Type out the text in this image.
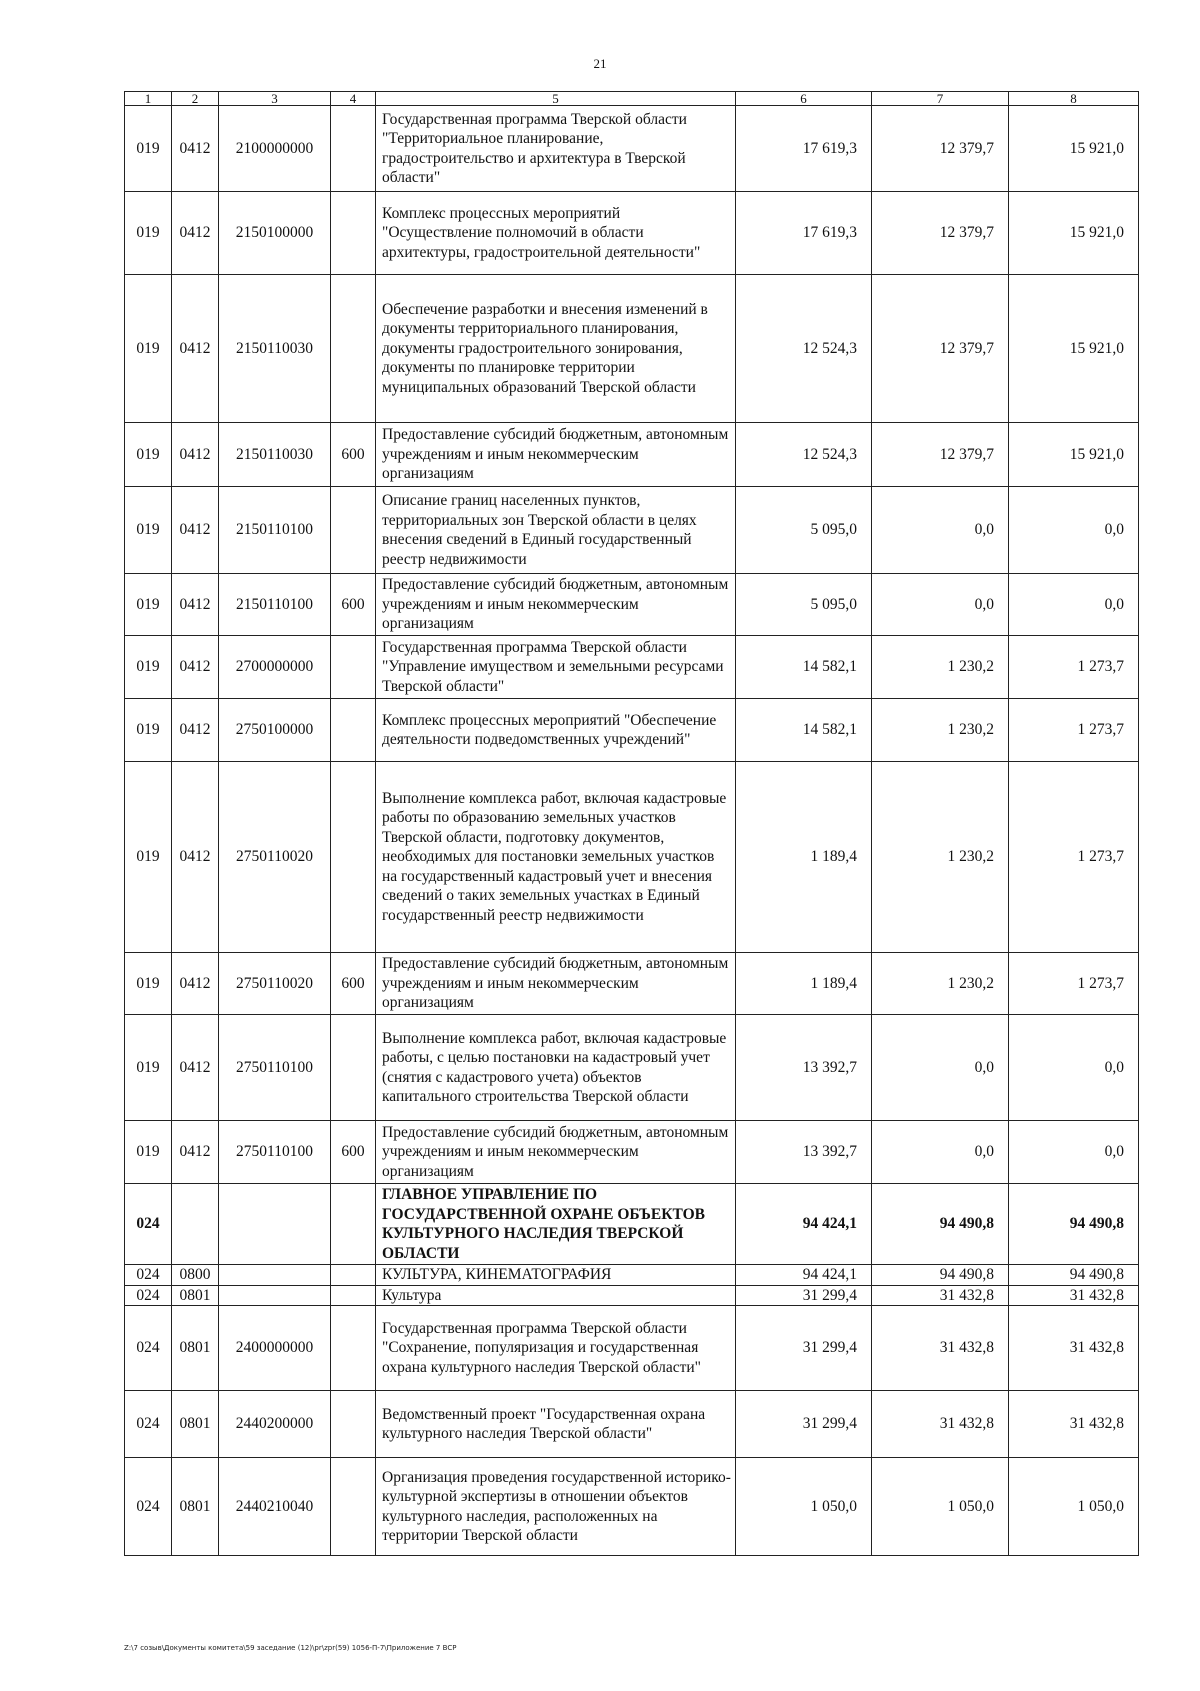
21
1	2	3	4	5	6	7	8
019	0412	2100000000		Государственная программа Тверской области "Территориальное планирование, градостроительство и архитектура в Тверской области"	17 619,3	12 379,7	15 921,0
019	0412	2150100000		Комплекс процессных мероприятий "Осуществление полномочий в области архитектуры, градостроительной деятельности"	17 619,3	12 379,7	15 921,0
019	0412	2150110030		Обеспечение разработки и внесения изменений в документы территориального планирования, документы градостроительного зонирования, документы по планировке территории муниципальных образований Тверской области	12 524,3	12 379,7	15 921,0
019	0412	2150110030	600	Предоставление субсидий бюджетным, автономным учреждениям и иным некоммерческим организациям	12 524,3	12 379,7	15 921,0
019	0412	2150110100		Описание границ населенных пунктов, территориальных зон Тверской области в целях внесения сведений в Единый государственный реестр недвижимости	5 095,0	0,0	0,0
019	0412	2150110100	600	Предоставление субсидий бюджетным, автономным учреждениям и иным некоммерческим организациям	5 095,0	0,0	0,0
019	0412	2700000000		Государственная программа Тверской области "Управление имуществом и земельными ресурсами Тверской области"	14 582,1	1 230,2	1 273,7
019	0412	2750100000		Комплекс процессных мероприятий "Обеспечение деятельности подведомственных учреждений"	14 582,1	1 230,2	1 273,7
019	0412	2750110020		Выполнение комплекса работ, включая кадастровые работы по образованию земельных участков Тверской области, подготовку документов, необходимых для постановки земельных участков на государственный кадастровый учет и внесения сведений о таких земельных участках в Единый государственный реестр недвижимости	1 189,4	1 230,2	1 273,7
019	0412	2750110020	600	Предоставление субсидий бюджетным, автономным учреждениям и иным некоммерческим организациям	1 189,4	1 230,2	1 273,7
019	0412	2750110100		Выполнение комплекса работ, включая кадастровые работы, с целью постановки на кадастровый учет (снятия с кадастрового учета) объектов капитального строительства Тверской области	13 392,7	0,0	0,0
019	0412	2750110100	600	Предоставление субсидий бюджетным, автономным учреждениям и иным некоммерческим организациям	13 392,7	0,0	0,0
024				ГЛАВНОЕ УПРАВЛЕНИЕ ПО ГОСУДАРСТВЕННОЙ ОХРАНЕ ОБЪЕКТОВ КУЛЬТУРНОГО НАСЛЕДИЯ ТВЕРСКОЙ ОБЛАСТИ	94 424,1	94 490,8	94 490,8
024	0800			КУЛЬТУРА, КИНЕМАТОГРАФИЯ	94 424,1	94 490,8	94 490,8
024	0801			Культура	31 299,4	31 432,8	31 432,8
024	0801	2400000000		Государственная программа Тверской области "Сохранение, популяризация и государственная охрана культурного наследия Тверской области"	31 299,4	31 432,8	31 432,8
024	0801	2440200000		Ведомственный проект "Государственная охрана культурного наследия Тверской области"	31 299,4	31 432,8	31 432,8
024	0801	2440210040		Организация проведения государственной историко-культурной экспертизы в отношении объектов культурного наследия, расположенных на территории Тверской области	1 050,0	1 050,0	1 050,0
Z:\7 созыв\Документы комитета\59 заседание (12)\pr\zpr(59) 1056-П-7\Приложение 7 ВСР
